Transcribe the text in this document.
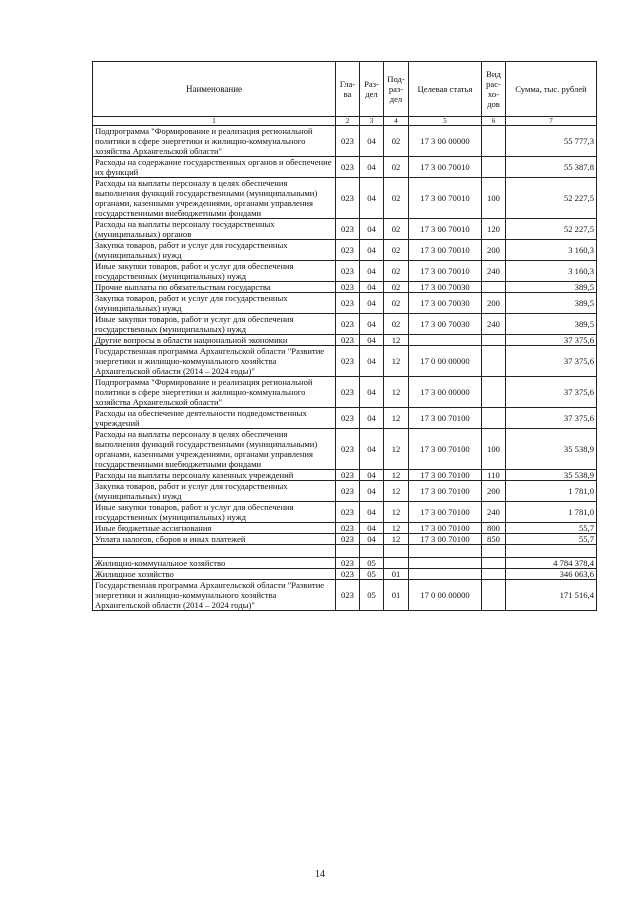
Наименование	Гла-ва	Раз-дел	Под-раз-дел	Целевая статья	Вид рас-хо-дов	Сумма, тыс. рублей
1	2	3	4	5	6	7
Подпрограмма "Формирование и реализация региональной политики в сфере энергетики и жилищно-коммунального хозяйства Архангельской области"	023	04	02	17 3 00 00000		55 777,3
Расходы на содержание государственных органов и обеспечение их функций	023	04	02	17 3 00 70010		55 387,8
Расходы на выплаты персоналу в целях обеспечения выполнения функций государственными (муниципальными) органами, казенными учреждениями, органами управления государственными внебюджетными фондами	023	04	02	17 3 00 70010	100	52 227,5
Расходы на выплаты персоналу государственных (муниципальных) органов	023	04	02	17 3 00 70010	120	52 227,5
Закупка товаров, работ и услуг для государственных (муниципальных) нужд	023	04	02	17 3 00 70010	200	3 160,3
Иные закупки товаров, работ и услуг для обеспечения государственных (муниципальных) нужд	023	04	02	17 3 00 70010	240	3 160,3
Прочие выплаты по обязательствам государства	023	04	02	17 3 00 70030		389,5
Закупка товаров, работ и услуг для государственных (муниципальных) нужд	023	04	02	17 3 00 70030	200	389,5
Иные закупки товаров, работ и услуг для обеспечения государственных (муниципальных) нужд	023	04	02	17 3 00 70030	240	389,5
Другие вопросы в области национальной экономики	023	04	12			37 375,6
Государственная программа Архангельской области "Развитие энергетики и жилищно-коммунального хозяйства Архангельской области (2014 – 2024 годы)"	023	04	12	17 0 00 00000		37 375,6
Подпрограмма "Формирование и реализация региональной политики в сфере энергетики и жилищно-коммунального хозяйства Архангельской области"	023	04	12	17 3 00 00000		37 375,6
Расходы на обеспечение деятельности подведомственных учреждений	023	04	12	17 3 00 70100		37 375,6
Расходы на выплаты персоналу в целях обеспечения выполнения функций государственными (муниципальными) органами, казенными учреждениями, органами управления государственными внебюджетными фондами	023	04	12	17 3 00 70100	100	35 538,9
Расходы на выплаты персоналу казенных учреждений	023	04	12	17 3 00 70100	110	35 538,9
Закупка товаров, работ и услуг для государственных (муниципальных) нужд	023	04	12	17 3 00 70100	200	1 781,0
Иные закупки товаров, работ и услуг для обеспечения государственных (муниципальных) нужд	023	04	12	17 3 00 70100	240	1 781,0
Иные бюджетные ассигнования	023	04	12	17 3 00 70100	800	55,7
Уплата налогов, сборов и иных платежей	023	04	12	17 3 00 70100	850	55,7

Жилищно-коммунальное хозяйство	023	05				4 784 378,4
Жилищное хозяйство	023	05	01			346 063,6
Государственная программа Архангельской области "Развитие энергетики и жилищно-коммунального хозяйства Архангельской области (2014 – 2024 годы)"	023	05	01	17 0 00 00000		171 516,4
14
